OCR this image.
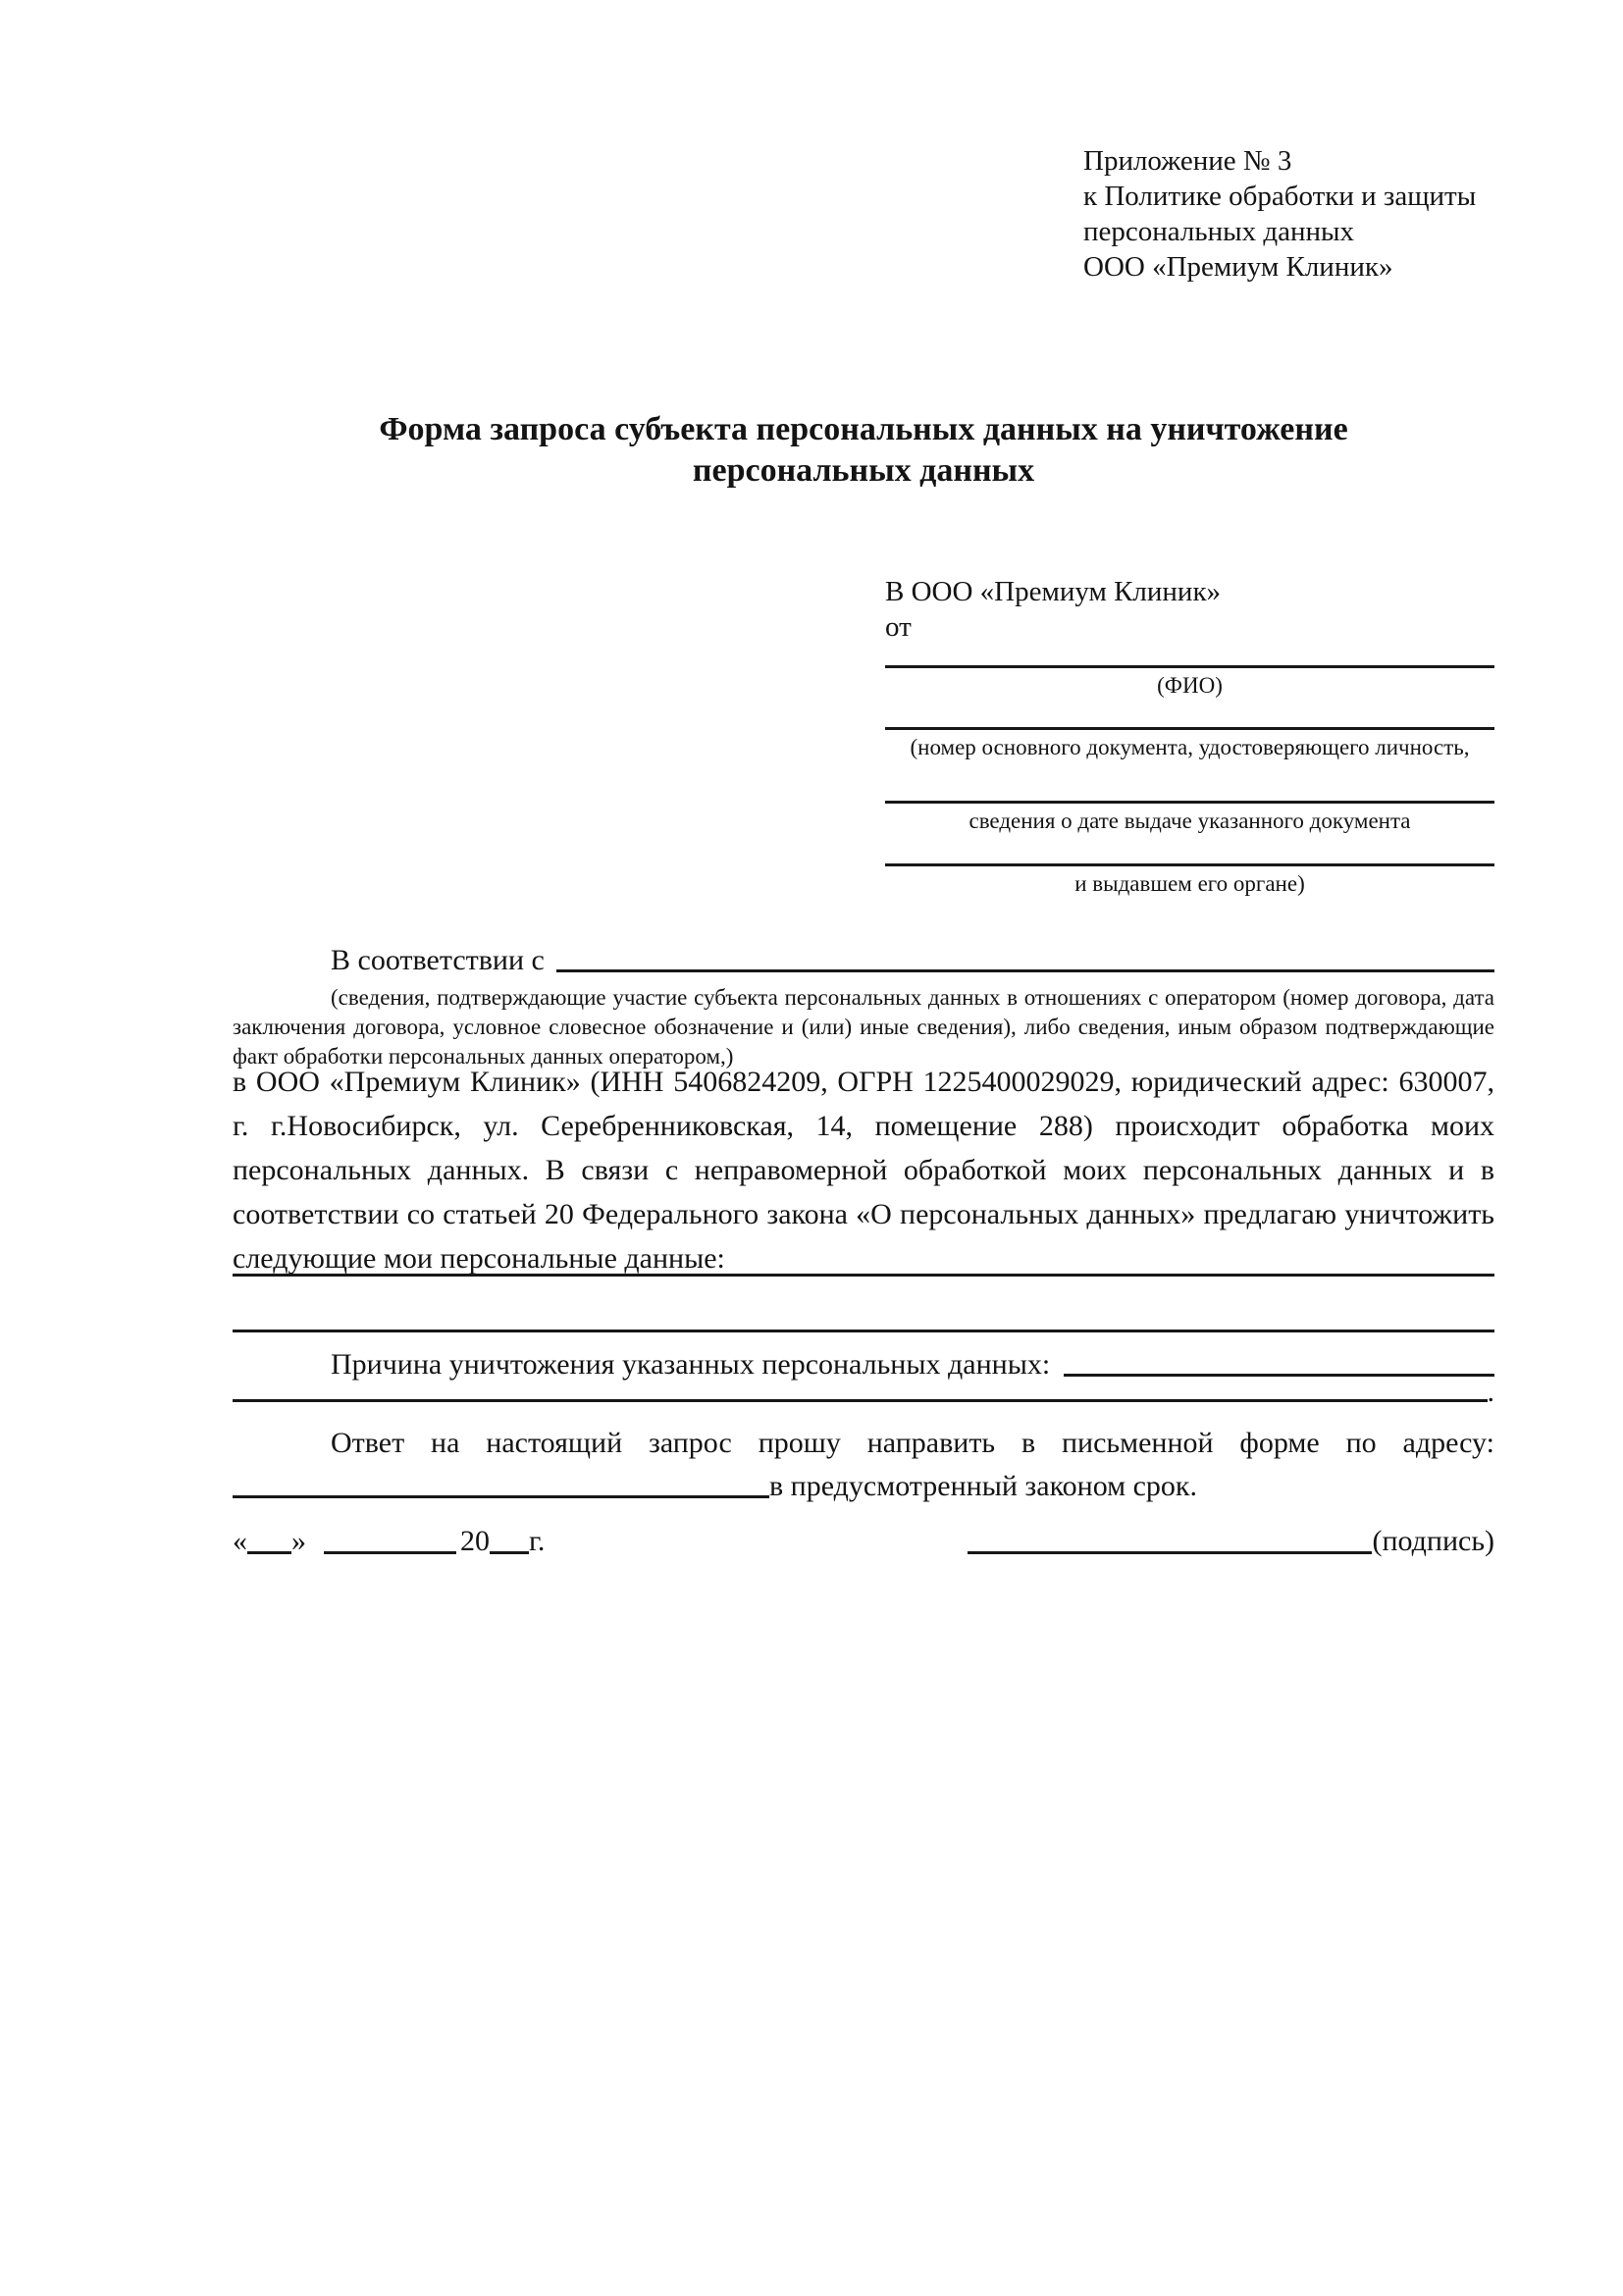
Приложение № 3
к Политике обработки и защиты
персональных данных
ООО «Премиум Клиник»
Форма запроса субъекта персональных данных на уничтожение
персональных данных
В ООО «Премиум Клиник»
от
(ФИО)
(номер основного документа, удостоверяющего личность,
сведения о дате выдаче указанного документа
и выдавшем его органе)
В соответствии с
(сведения, подтверждающие участие субъекта персональных данных в отношениях с оператором (номер договора, дата заключения договора, условное словесное обозначение и (или) иные сведения), либо сведения, иным образом подтверждающие факт обработки персональных данных оператором,)
в ООО «Премиум Клиник» (ИНН 5406824209, ОГРН 1225400029029, юридический адрес: 630007, г. г.Новосибирск, ул. Серебренниковская, 14, помещение 288) происходит обработка моих персональных данных. В связи с неправомерной обработкой моих персональных данных и в соответствии со статьей 20 Федерального закона «О персональных данных» предлагаю уничтожить следующие мои персональные данные:
Причина уничтожения указанных персональных данных:
.
Ответ на настоящий запрос прошу направить в письменной форме по адресу:
в предусмотренный законом срок.
« »	20 г.	(подпись)
